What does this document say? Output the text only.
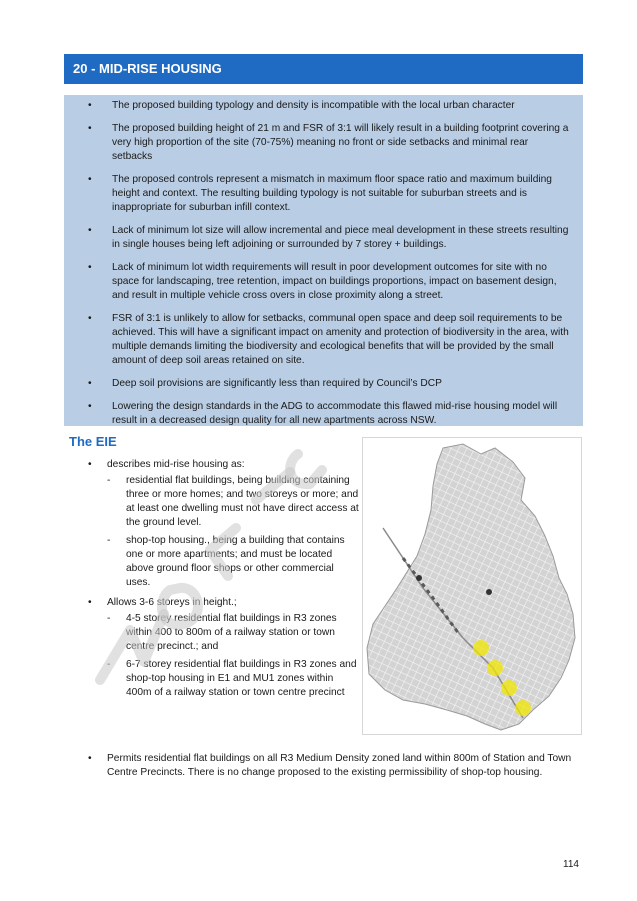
20 - MID-RISE HOUSING
• The proposed building typology and density is incompatible with the local urban character
• The proposed building height of 21 m and FSR of 3:1 will likely result in a building footprint covering a very high proportion of the site (70-75%) meaning no front or side setbacks and minimal rear setbacks
• The proposed controls represent a mismatch in maximum floor space ratio and maximum building height and context. The resulting building typology is not suitable for suburban streets and is inappropriate for suburban infill context.
• Lack of minimum lot size will allow incremental and piece meal development in these streets resulting in single houses being left adjoining or surrounded by 7 storey + buildings.
• Lack of minimum lot width requirements will result in poor development outcomes for site with no space for landscaping, tree retention, impact on buildings proportions, impact on basement design, and result in multiple vehicle cross overs in close proximity along a street.
• FSR of 3:1 is unlikely to allow for setbacks, communal open space and deep soil requirements to be achieved. This will have a significant impact on amenity and protection of biodiversity in the area, with multiple demands limiting the biodiversity and ecological benefits that will be provided by the small amount of deep soil areas retained on site.
• Deep soil provisions are significantly less than required by Council’s DCP
• Lowering the design standards in the ADG to accommodate this flawed mid-rise housing model will result in a decreased design quality for all new apartments across NSW.
The EIE
• describes mid-rise housing as:
- residential flat buildings, being building containing three or more homes; and two storeys or more; and at least one dwelling must not have direct access at the ground level.
- shop-top housing., being a building that contains one or more apartments; and must be located above ground floor shops or other commercial uses.
• Allows 3-6 storeys in height.;
- 4-5 storey residential flat buildings in R3 zones within 400 to 800m of a railway station or town centre precinct.; and
- 6-7 storey residential flat buildings in R3 zones and shop-top housing in E1 and MU1 zones within 400m of a railway station or town centre precinct
• Permits residential flat buildings on all R3 Medium Density zoned land within 800m of Station and Town Centre Precincts. There is no change proposed to the existing permissibility of shop-top housing.
114
